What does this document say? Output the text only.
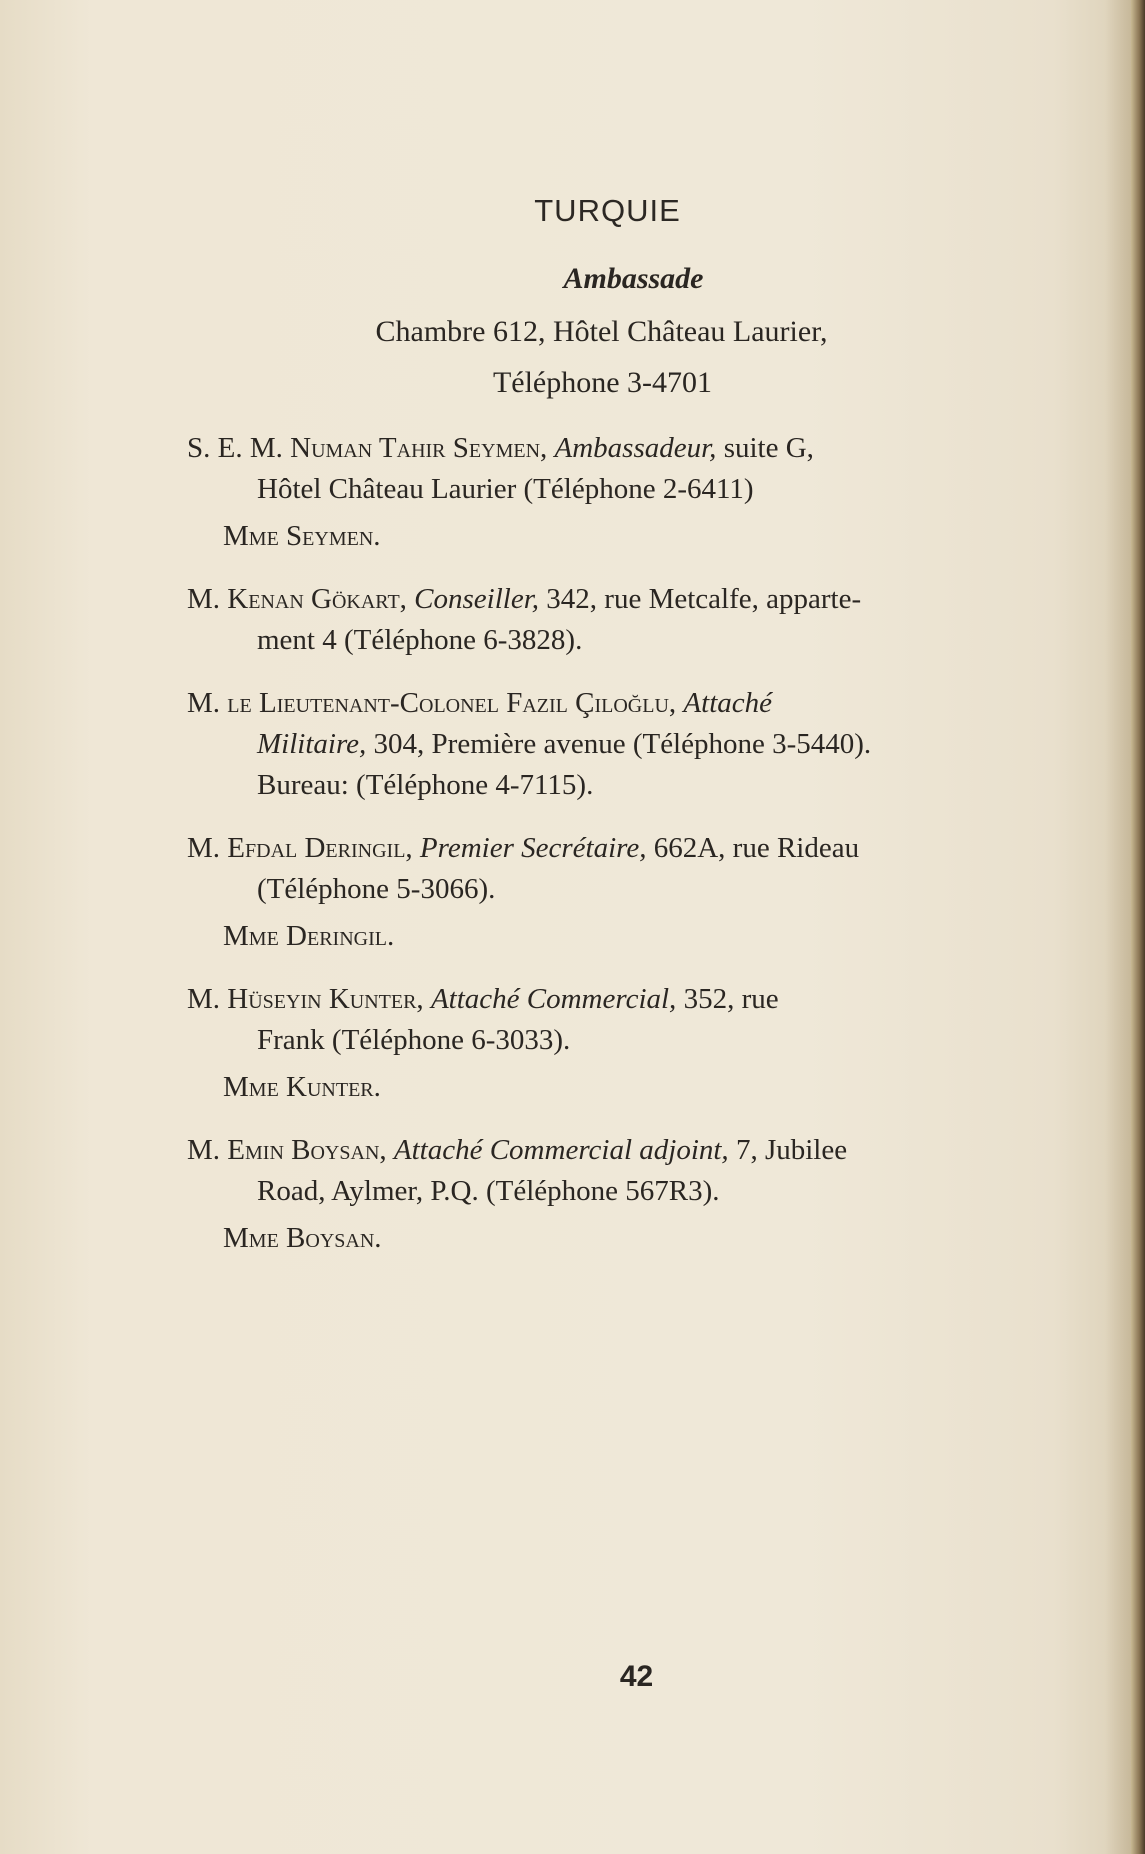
TURQUIE
Ambassade
Chambre 612, Hôtel Château Laurier,
Téléphone 3-4701
S. E. M. Numan Tahir Seymen, Ambassadeur, suite G,
Hôtel Château Laurier (Téléphone 2-6411)
Mme Seymen.
M. Kenan Gökart, Conseiller, 342, rue Metcalfe, apparte-
ment 4 (Téléphone 6-3828).
M. le Lieutenant-Colonel Fazil Çiloğlu, Attaché
Militaire, 304, Première avenue (Téléphone 3-5440).
Bureau: (Téléphone 4-7115).
M. Efdal Deringil, Premier Secrétaire, 662A, rue Rideau
(Téléphone 5-3066).
Mme Deringil.
M. Hüseyin Kunter, Attaché Commercial, 352, rue
Frank (Téléphone 6-3033).
Mme Kunter.
M. Emin Boysan, Attaché Commercial adjoint, 7, Jubilee
Road, Aylmer, P.Q. (Téléphone 567R3).
Mme Boysan.
42
